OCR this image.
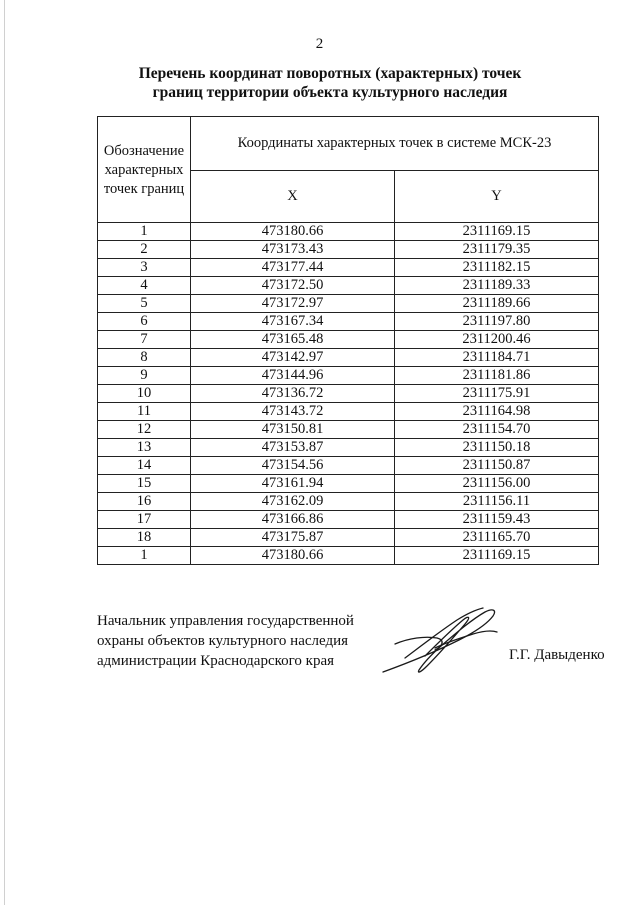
2
Перечень координат поворотных (характерных) точек
границ территории объекта культурного наследия
Обозначение характерных точек границ	Координаты характерных точек в системе МСК-23	
	X	Y
1	473180.66	2311169.15
2	473173.43	2311179.35
3	473177.44	2311182.15
4	473172.50	2311189.33
5	473172.97	2311189.66
6	473167.34	2311197.80
7	473165.48	2311200.46
8	473142.97	2311184.71
9	473144.96	2311181.86
10	473136.72	2311175.91
11	473143.72	2311164.98
12	473150.81	2311154.70
13	473153.87	2311150.18
14	473154.56	2311150.87
15	473161.94	2311156.00
16	473162.09	2311156.11
17	473166.86	2311159.43
18	473175.87	2311165.70
1	473180.66	2311169.15
Начальник управления государственной
охраны объектов культурного наследия
администрации Краснодарского края	Г.Г. Давыденко
